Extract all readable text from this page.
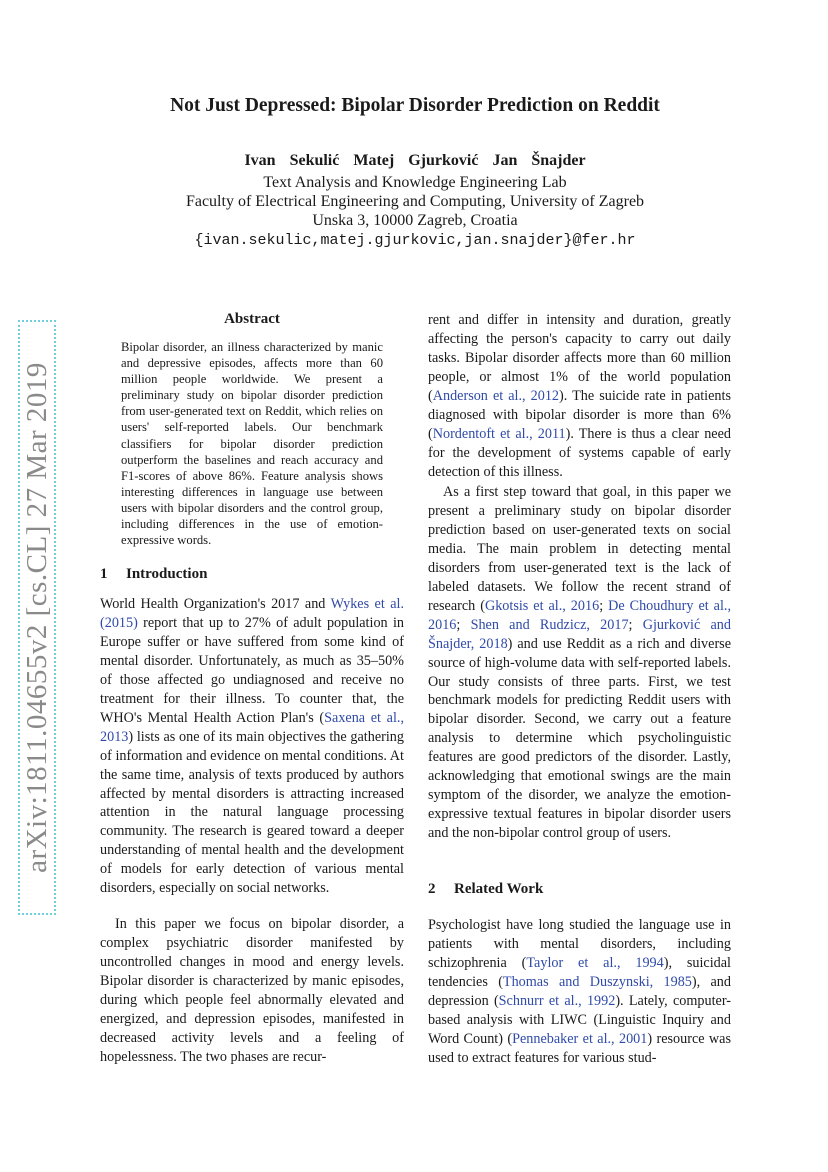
arXiv:1811.04655v2 [cs.CL] 27 Mar 2019
Not Just Depressed: Bipolar Disorder Prediction on Reddit
Ivan Sekulić Matej Gjurković Jan Šnajder
Text Analysis and Knowledge Engineering Lab
Faculty of Electrical Engineering and Computing, University of Zagreb
Unska 3, 10000 Zagreb, Croatia
{ivan.sekulic,matej.gjurkovic,jan.snajder}@fer.hr
Abstract

Bipolar disorder, an illness characterized by manic and depressive episodes, affects more than 60 million people worldwide. We present a preliminary study on bipolar disorder prediction from user-generated text on Reddit, which relies on users' self-reported labels. Our benchmark classifiers for bipolar disorder prediction outperform the baselines and reach accuracy and F1-scores of above 86%. Feature analysis shows interesting differences in language use between users with bipolar disorders and the control group, including differences in the use of emotion-expressive words.

1 Introduction

World Health Organization's 2017 and Wykes et al. (2015) report that up to 27% of adult population in Europe suffer or have suffered from some kind of mental disorder. Unfortunately, as much as 35–50% of those affected go undiagnosed and receive no treatment for their illness. To counter that, the WHO's Mental Health Action Plan's (Saxena et al., 2013) lists as one of its main objectives the gathering of information and evidence on mental conditions. At the same time, analysis of texts produced by authors affected by mental disorders is attracting increased attention in the natural language processing community. The research is geared toward a deeper understanding of mental health and the development of models for early detection of various mental disorders, especially on social networks.

In this paper we focus on bipolar disorder, a complex psychiatric disorder manifested by uncontrolled changes in mood and energy levels. Bipolar disorder is characterized by manic episodes, during which people feel abnormally elevated and energized, and depression episodes, manifested in decreased activity levels and a feeling of hopelessness. The two phases are recur-

rent and differ in intensity and duration, greatly affecting the person's capacity to carry out daily tasks. Bipolar disorder affects more than 60 million people, or almost 1% of the world population (Anderson et al., 2012). The suicide rate in patients diagnosed with bipolar disorder is more than 6% (Nordentoft et al., 2011). There is thus a clear need for the development of systems capable of early detection of this illness.

As a first step toward that goal, in this paper we present a preliminary study on bipolar disorder prediction based on user-generated texts on social media. The main problem in detecting mental disorders from user-generated text is the lack of labeled datasets. We follow the recent strand of research (Gkotsis et al., 2016; De Choudhury et al., 2016; Shen and Rudzicz, 2017; Gjurković and Šnajder, 2018) and use Reddit as a rich and diverse source of high-volume data with self-reported labels. Our study consists of three parts. First, we test benchmark models for predicting Reddit users with bipolar disorder. Second, we carry out a feature analysis to determine which psycholinguistic features are good predictors of the disorder. Lastly, acknowledging that emotional swings are the main symptom of the disorder, we analyze the emotion-expressive textual features in bipolar disorder users and the non-bipolar control group of users.

2 Related Work

Psychologist have long studied the language use in patients with mental disorders, including schizophrenia (Taylor et al., 1994), suicidal tendencies (Thomas and Duszynski, 1985), and depression (Schnurr et al., 1992). Lately, computer-based analysis with LIWC (Linguistic Inquiry and Word Count) (Pennebaker et al., 2001) resource was used to extract features for various stud-
